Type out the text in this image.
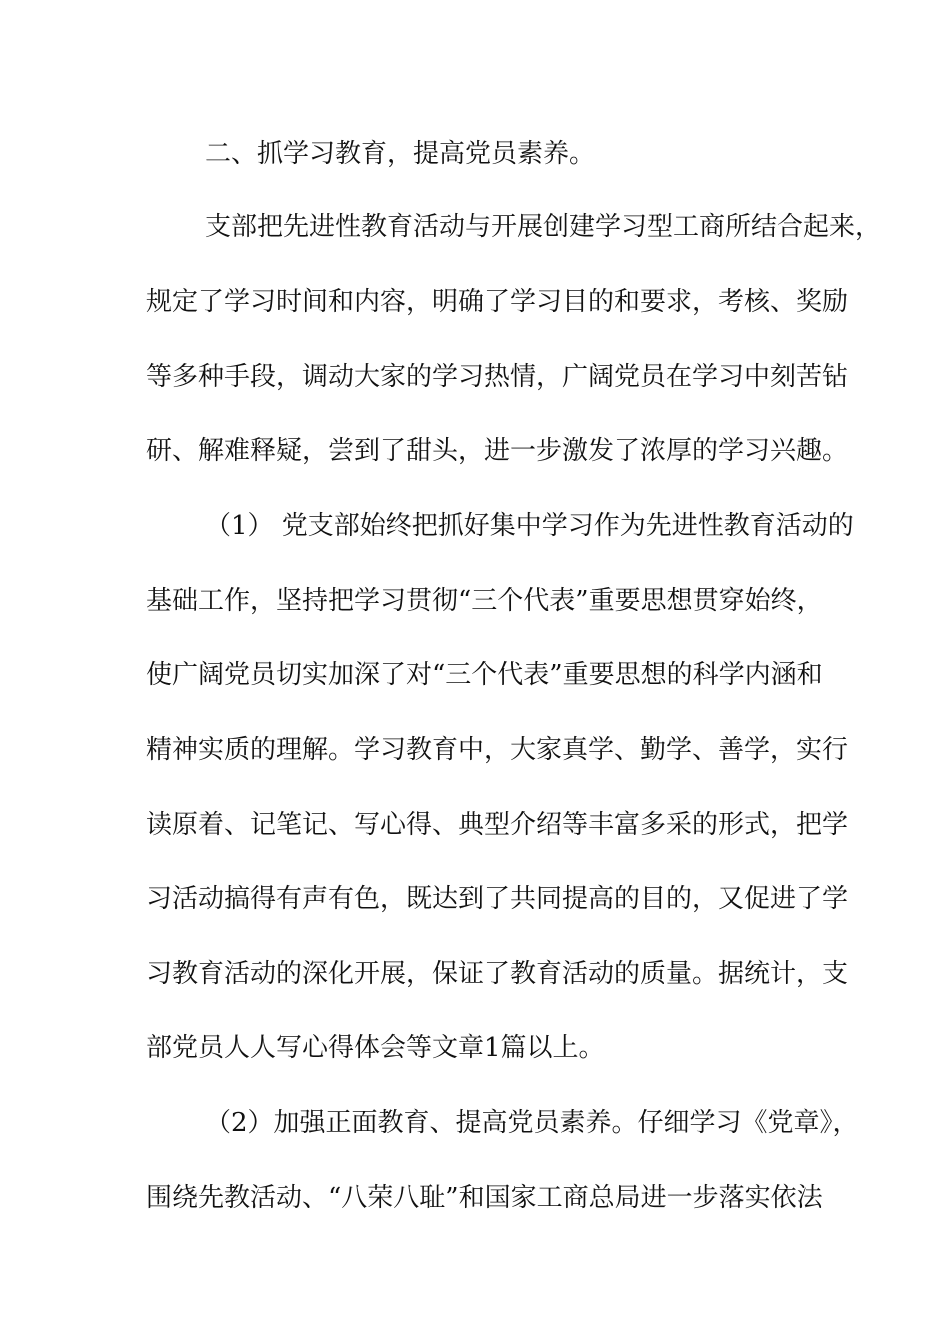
二、抓学习教育，提高党员素养。

支部把先进性教育活动与开展创建学习型工商所结合起来，

规定了学习时间和内容，明确了学习目的和要求，考核、奖励

等多种手段，调动大家的学习热情，广阔党员在学习中刻苦钻

研、解难释疑，尝到了甜头，进一步激发了浓厚的学习兴趣。

（1） 党支部始终把抓好集中学习作为先进性教育活动的

基础工作，坚持把学习贯彻“三个代表”重要思想贯穿始终，

使广阔党员切实加深了对“三个代表”重要思想的科学内涵和

精神实质的理解。学习教育中，大家真学、勤学、善学，实行

读原着、记笔记、写心得、典型介绍等丰富多采的形式，把学

习活动搞得有声有色，既达到了共同提高的目的，又促进了学

习教育活动的深化开展，保证了教育活动的质量。据统计，支

部党员人人写心得体会等文章1篇以上。

（2）加强正面教育、提高党员素养。仔细学习《党章》，

围绕先教活动、“八荣八耻”和国家工商总局进一步落实依法
